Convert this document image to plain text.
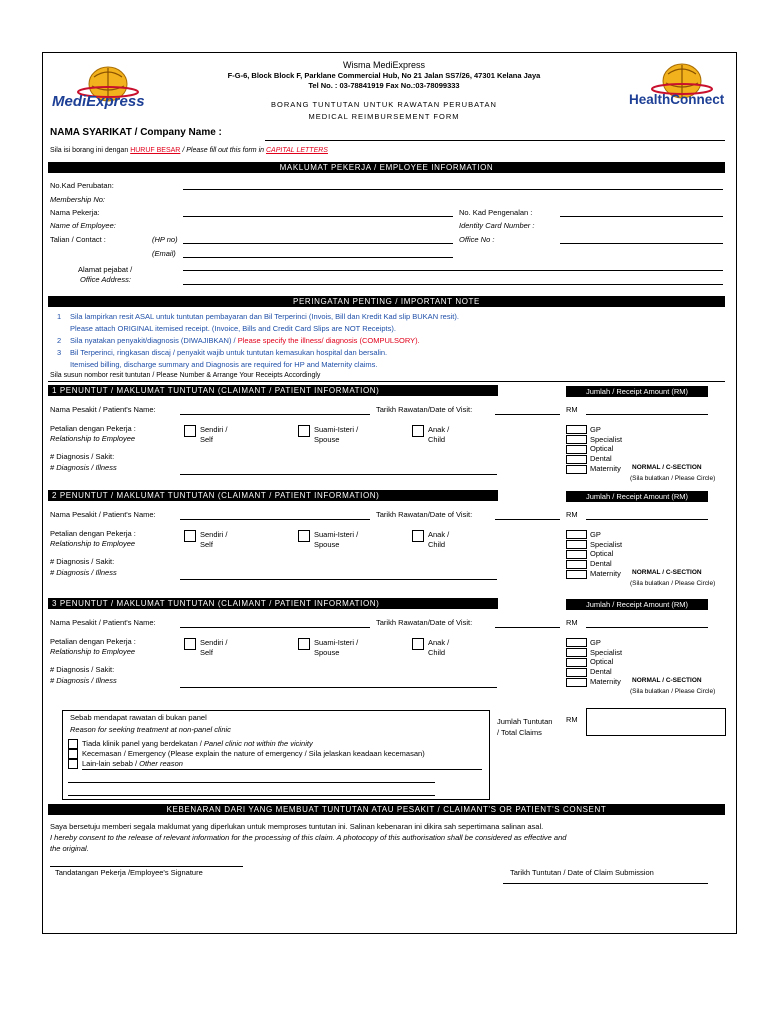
MediExpress	HealthConnect
Wisma MediExpress
F-G-6, Block Block F, Parklane Commercial Hub, No 21 Jalan SS7/26, 47301 Kelana Jaya
Tel No. : 03-78841919 Fax No.:03-78099333
BORANG TUNTUTAN UNTUK RAWATAN PERUBATAN
MEDICAL REIMBURSEMENT FORM
NAMA SYARIKAT / Company Name :
Sila isi borang ini dengan HURUF BESAR / Please fill out this form in CAPITAL LETTERS
MAKLUMAT PEKERJA / EMPLOYEE INFORMATION
No.Kad Perubatan:
Membership No:
Nama Pekerja:
Name of Employee:
No. Kad Pengenalan :
Identity Card Number :
Talian / Contact :	(HP no)	Office No :
(Email)
Alamat pejabat /
Office Address:
PERINGATAN PENTING / IMPORTANT NOTE
1 Sila lampirkan resit ASAL untuk tuntutan pembayaran dan Bil Terperinci (Invois, Bill dan Kredit Kad slip BUKAN resit).
Please attach ORIGINAL itemised receipt. (Invoice, Bills and Credit Card Slips are NOT Receipts).
2 Sila nyatakan penyakit/diagnosis (DIWAJIBKAN) / Please specify the illness/ diagnosis (COMPULSORY).
3 Bil Terperinci, ringkasan discaj / penyakit wajib untuk tuntutan kemasukan hospital dan bersalin.
Itemised billing, discharge summary and Diagnosis are required for HP and Maternity claims.
Sila susun nombor resit tuntutan / Please Number & Arrange Your Receipts Accordingly
1 PENUNTUT / MAKLUMAT TUNTUTAN (CLAIMANT / PATIENT INFORMATION)	Jumlah / Receipt Amount (RM)
Nama Pesakit / Patient's Name:	Tarikh Rawatan/Date of Visit:	RM
Petalian dengan Pekerja :
Relationship to Employee
Sendiri /
Self
Suami-Isteri /
Spouse
Anak /
Child
# Diagnosis / Sakit:
# Diagnosis / Illness
GP
Specialist
Optical
Dental
Maternity NORMAL / C-SECTION
(Sila bulatkan / Please Circle)
2 PENUNTUT / MAKLUMAT TUNTUTAN (CLAIMANT / PATIENT INFORMATION)	Jumlah / Receipt Amount (RM)
Nama Pesakit / Patient's Name:	Tarikh Rawatan/Date of Visit:	RM
Petalian dengan Pekerja :
Relationship to Employee
Sendiri /
Self
Suami-Isteri /
Spouse
Anak /
Child
# Diagnosis / Sakit:
# Diagnosis / Illness
GP
Specialist
Optical
Dental
Maternity NORMAL / C-SECTION
(Sila bulatkan / Please Circle)
3 PENUNTUT / MAKLUMAT TUNTUTAN (CLAIMANT / PATIENT INFORMATION)	Jumlah / Receipt Amount (RM)
Nama Pesakit / Patient's Name:	Tarikh Rawatan/Date of Visit:	RM
Petalian dengan Pekerja :
Relationship to Employee
Sendiri /
Self
Suami-Isteri /
Spouse
Anak /
Child
# Diagnosis / Sakit:
# Diagnosis / Illness
GP
Specialist
Optical
Dental
Maternity NORMAL / C-SECTION
(Sila bulatkan / Please Circle)
Sebab mendapat rawatan di bukan panel
Reason for seeking treatment at non-panel clinic
Tiada klinik panel yang berdekatan / Panel clinic not within the vicinity
Kecemasan / Emergency (Please explain the nature of emergency / Sila jelaskan keadaan kecemasan)
Lain-lain sebab / Other reason
Jumlah Tuntutan
/ Total Claims
RM
KEBENARAN DARI YANG MEMBUAT TUNTUTAN ATAU PESAKIT / CLAIMANT'S OR PATIENT'S CONSENT
Saya bersetuju memberi segala maklumat yang diperlukan untuk memproses tuntutan ini. Salinan kebenaran ini dikira sah sepertimana salinan asal.
I hereby consent to the release of relevant information for the processing of this claim. A photocopy of this authorisation shall be considered as effective and
the original.
Tandatangan Pekerja /Employee's Signature	Tarikh Tuntutan / Date of Claim Submission
